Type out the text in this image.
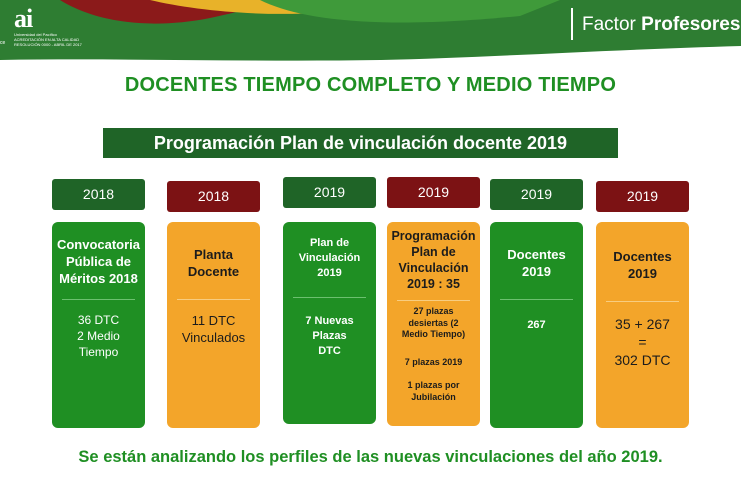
ai
Universidad del Pacífico
ACREDITACIÓN EN ALTA CALIDAD
RESOLUCIÓN 0000 - ABRIL DE 2017
ce
Factor Profesores
DOCENTES TIEMPO COMPLETO Y MEDIO TIEMPO
Programación Plan de vinculación docente 2019
2018	2018	2019	2019	2019	2019
Convocatoria Pública de Méritos 2018
36 DTC
2 Medio
Tiempo
Planta Docente
11 DTC
Vinculados
Plan de Vinculación 2019
7 Nuevas
Plazas
DTC
Programación Plan de Vinculación 2019 : 35
27 plazas desiertas (2 Medio Tiempo)
7 plazas 2019
1 plazas por Jubilación
Docentes 2019
267
Docentes 2019
35 + 267
=
302 DTC
Se están analizando los perfiles de las nuevas vinculaciones del año 2019.
